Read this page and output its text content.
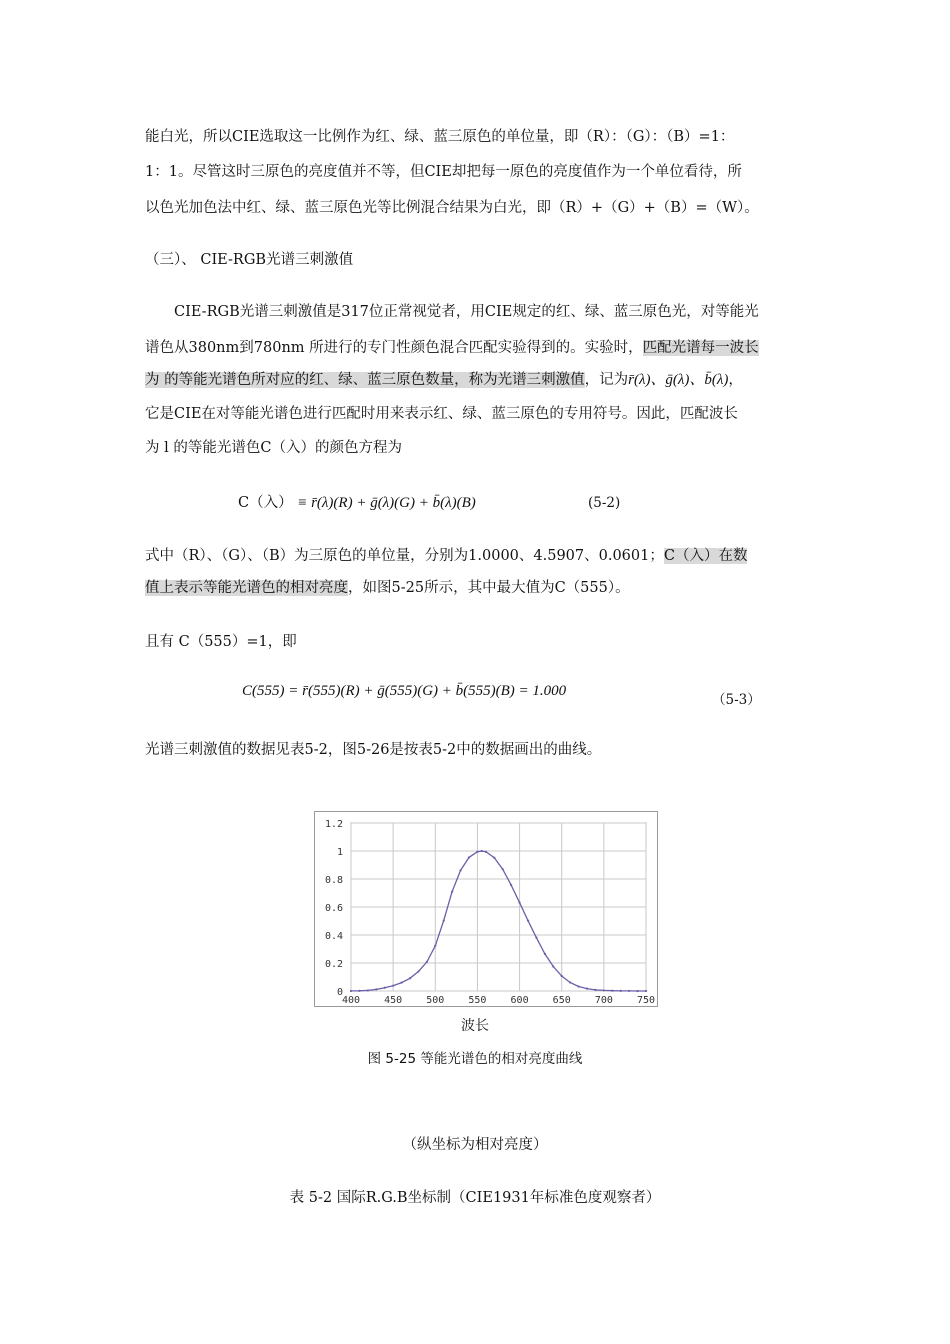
能白光，所以CIE选取这一比例作为红、绿、蓝三原色的单位量，即（R）：（G）：（B）=1：
1：1。尽管这时三原色的亮度值并不等，但CIE却把每一原色的亮度值作为一个单位看待，所
以色光加色法中红、绿、蓝三原色光等比例混合结果为白光，即（R）+（G）+（B）=（W）。
（三）、 CIE-RGB光谱三刺激值
CIE-RGB光谱三刺激值是317位正常视觉者，用CIE规定的红、绿、蓝三原色光，对等能光
谱色从380nm到780nm 所进行的专门性颜色混合匹配实验得到的。实验时，匹配光谱每一波长
为 的等能光谱色所对应的红、绿、蓝三原色数量，称为光谱三刺激值，记为r̄(λ)、ḡ(λ)、b̄(λ)，
它是CIE在对等能光谱色进行匹配时用来表示红、绿、蓝三原色的专用符号。因此，匹配波长
为 l 的等能光谱色C（入）的颜色方程为
C（入） ≡ r̄(λ)(R) + ḡ(λ)(G) + b̄(λ)(B)	(5-2)
式中（R）、（G）、（B）为三原色的单位量，分别为1.0000、4.5907、0.0601；C（入）在数
值上表示等能光谱色的相对亮度，如图5-25所示，其中最大值为C（555）。
且有 C（555）=1，即
C(555) = r̄(555)(R) + ḡ(555)(G) + b̄(555)(B) = 1.000
（5-3）
光谱三刺激值的数据见表5-2，图5-26是按表5-2中的数据画出的曲线。
400 450 500 550 600 650 700 750
0
0.2
0.4
0.6
0.8
1
1.2
波长
图 5-25 等能光谱色的相对亮度曲线
（纵坐标为相对亮度）
表 5-2 国际R.G.B坐标制（CIE1931年标准色度观察者）
